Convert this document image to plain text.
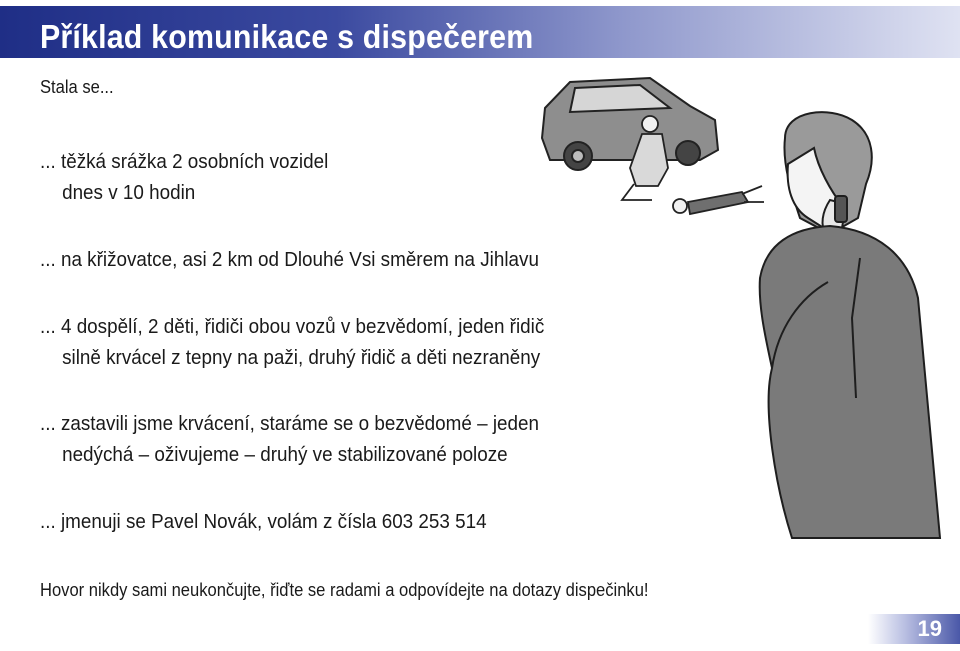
Příklad komunikace s dispečerem

Stala se...

... těžká srážka 2 osobních vozidel
dnes v 10 hodin
... na křižovatce, asi 2 km od Dlouhé Vsi směrem na Jihlavu
... 4 dospělí, 2 děti, řidiči obou vozů v bezvědomí, jeden řidič
silně krvácel z tepny na paži, druhý řidič a děti nezraněny
... zastavili jsme krvácení, staráme se o bezvědomé – jeden
nedýchá – oživujeme – druhý ve stabilizované poloze
... jmenuji se Pavel Novák, volám z čísla 603 253 514

Hovor nikdy sami neukončujte, řiďte se radami a odpovídejte na dotazy dispečinku!

19
